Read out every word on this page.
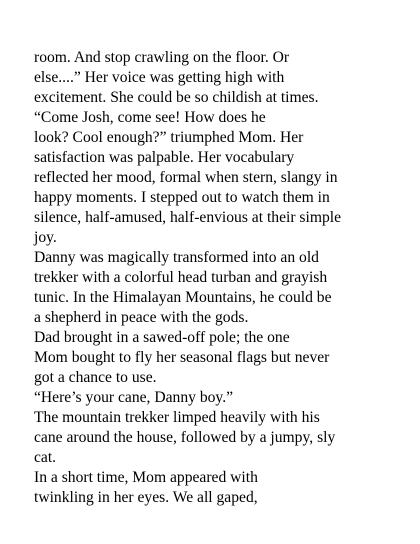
room. And stop crawling on the floor. Or
else....” Her voice was getting high with
excitement. She could be so childish at times.
“Come Josh, come see! How does he
look? Cool enough?” triumphed Mom. Her
satisfaction was palpable. Her vocabulary
reflected her mood, formal when stern, slangy in
happy moments. I stepped out to watch them in
silence, half-amused, half-envious at their simple
joy.
Danny was magically transformed into an old
trekker with a colorful head turban and grayish
tunic. In the Himalayan Mountains, he could be
a shepherd in peace with the gods.
Dad brought in a sawed-off pole; the one
Mom bought to fly her seasonal flags but never
got a chance to use.
“Here’s your cane, Danny boy.”
The mountain trekker limped heavily with his
cane around the house, followed by a jumpy, sly
cat.
In a short time, Mom appeared with
twinkling in her eyes. We all gaped,
